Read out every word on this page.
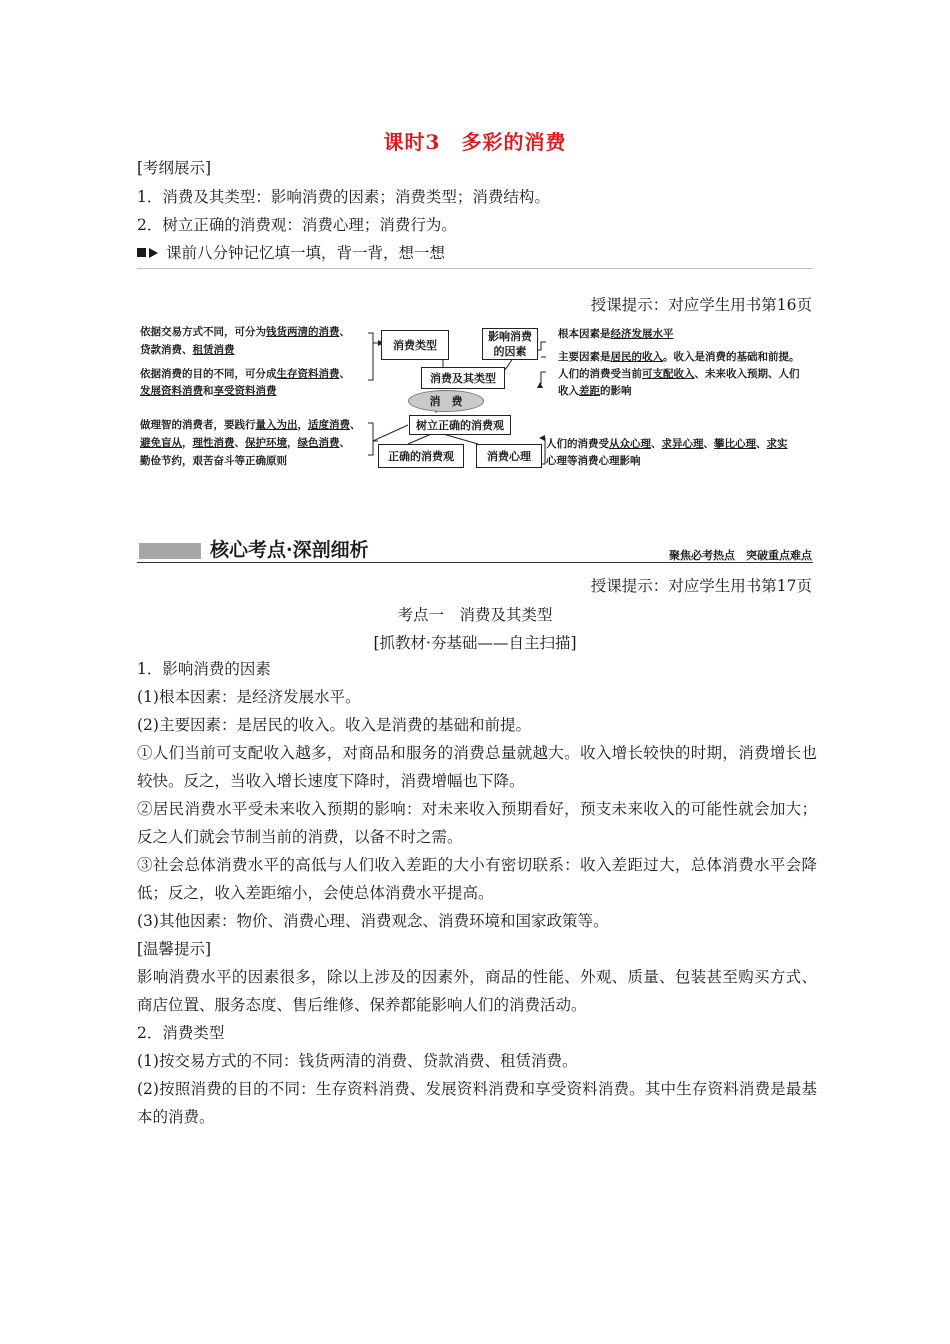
课时3　多彩的消费
[考纲展示]
1．消费及其类型：影响消费的因素；消费类型；消费结构。
2．树立正确的消费观：消费心理；消费行为。
课前八分钟记忆填一填，背一背，想一想
授课提示：对应学生用书第16页
消费类型
影响消费的因素
消费及其类型
消　费
树立正确的消费观
正确的消费观	消费心理
依据交易方式不同，可分为钱货两清的消费、
贷款消费、租赁消费
依据消费的目的不同，可分成生存资料消费、
发展资料消费和享受资料消费
做理智的消费者，要践行量入为出，适度消费、
避免盲从，理性消费、保护环境，绿色消费、
勤俭节约，艰苦奋斗等正确原则
根本因素是经济发展水平
主要因素是居民的收入。收入是消费的基础和前提。
人们的消费受当前可支配收入、未来收入预期、人们
收入差距的影响
人们的消费受从众心理、求异心理、攀比心理、求实
心理等消费心理影响
核心考点·深剖细析	聚焦必考热点　突破重点难点
授课提示：对应学生用书第17页
考点一　消费及其类型
[抓教材·夯基础——自主扫描]
1．影响消费的因素
(1)根本因素：是经济发展水平。
(2)主要因素：是居民的收入。收入是消费的基础和前提。
①人们当前可支配收入越多，对商品和服务的消费总量就越大。收入增长较快的时期，消费增长也较快。反之，当收入增长速度下降时，消费增幅也下降。
②居民消费水平受未来收入预期的影响：对未来收入预期看好，预支未来收入的可能性就会加大；反之人们就会节制当前的消费，以备不时之需。
③社会总体消费水平的高低与人们收入差距的大小有密切联系：收入差距过大，总体消费水平会降低；反之，收入差距缩小，会使总体消费水平提高。
(3)其他因素：物价、消费心理、消费观念、消费环境和国家政策等。
[温馨提示]
影响消费水平的因素很多，除以上涉及的因素外，商品的性能、外观、质量、包装甚至购买方式、商店位置、服务态度、售后维修、保养都能影响人们的消费活动。
2．消费类型
(1)按交易方式的不同：钱货两清的消费、贷款消费、租赁消费。
(2)按照消费的目的不同：生存资料消费、发展资料消费和享受资料消费。其中生存资料消费是最基本的消费。
